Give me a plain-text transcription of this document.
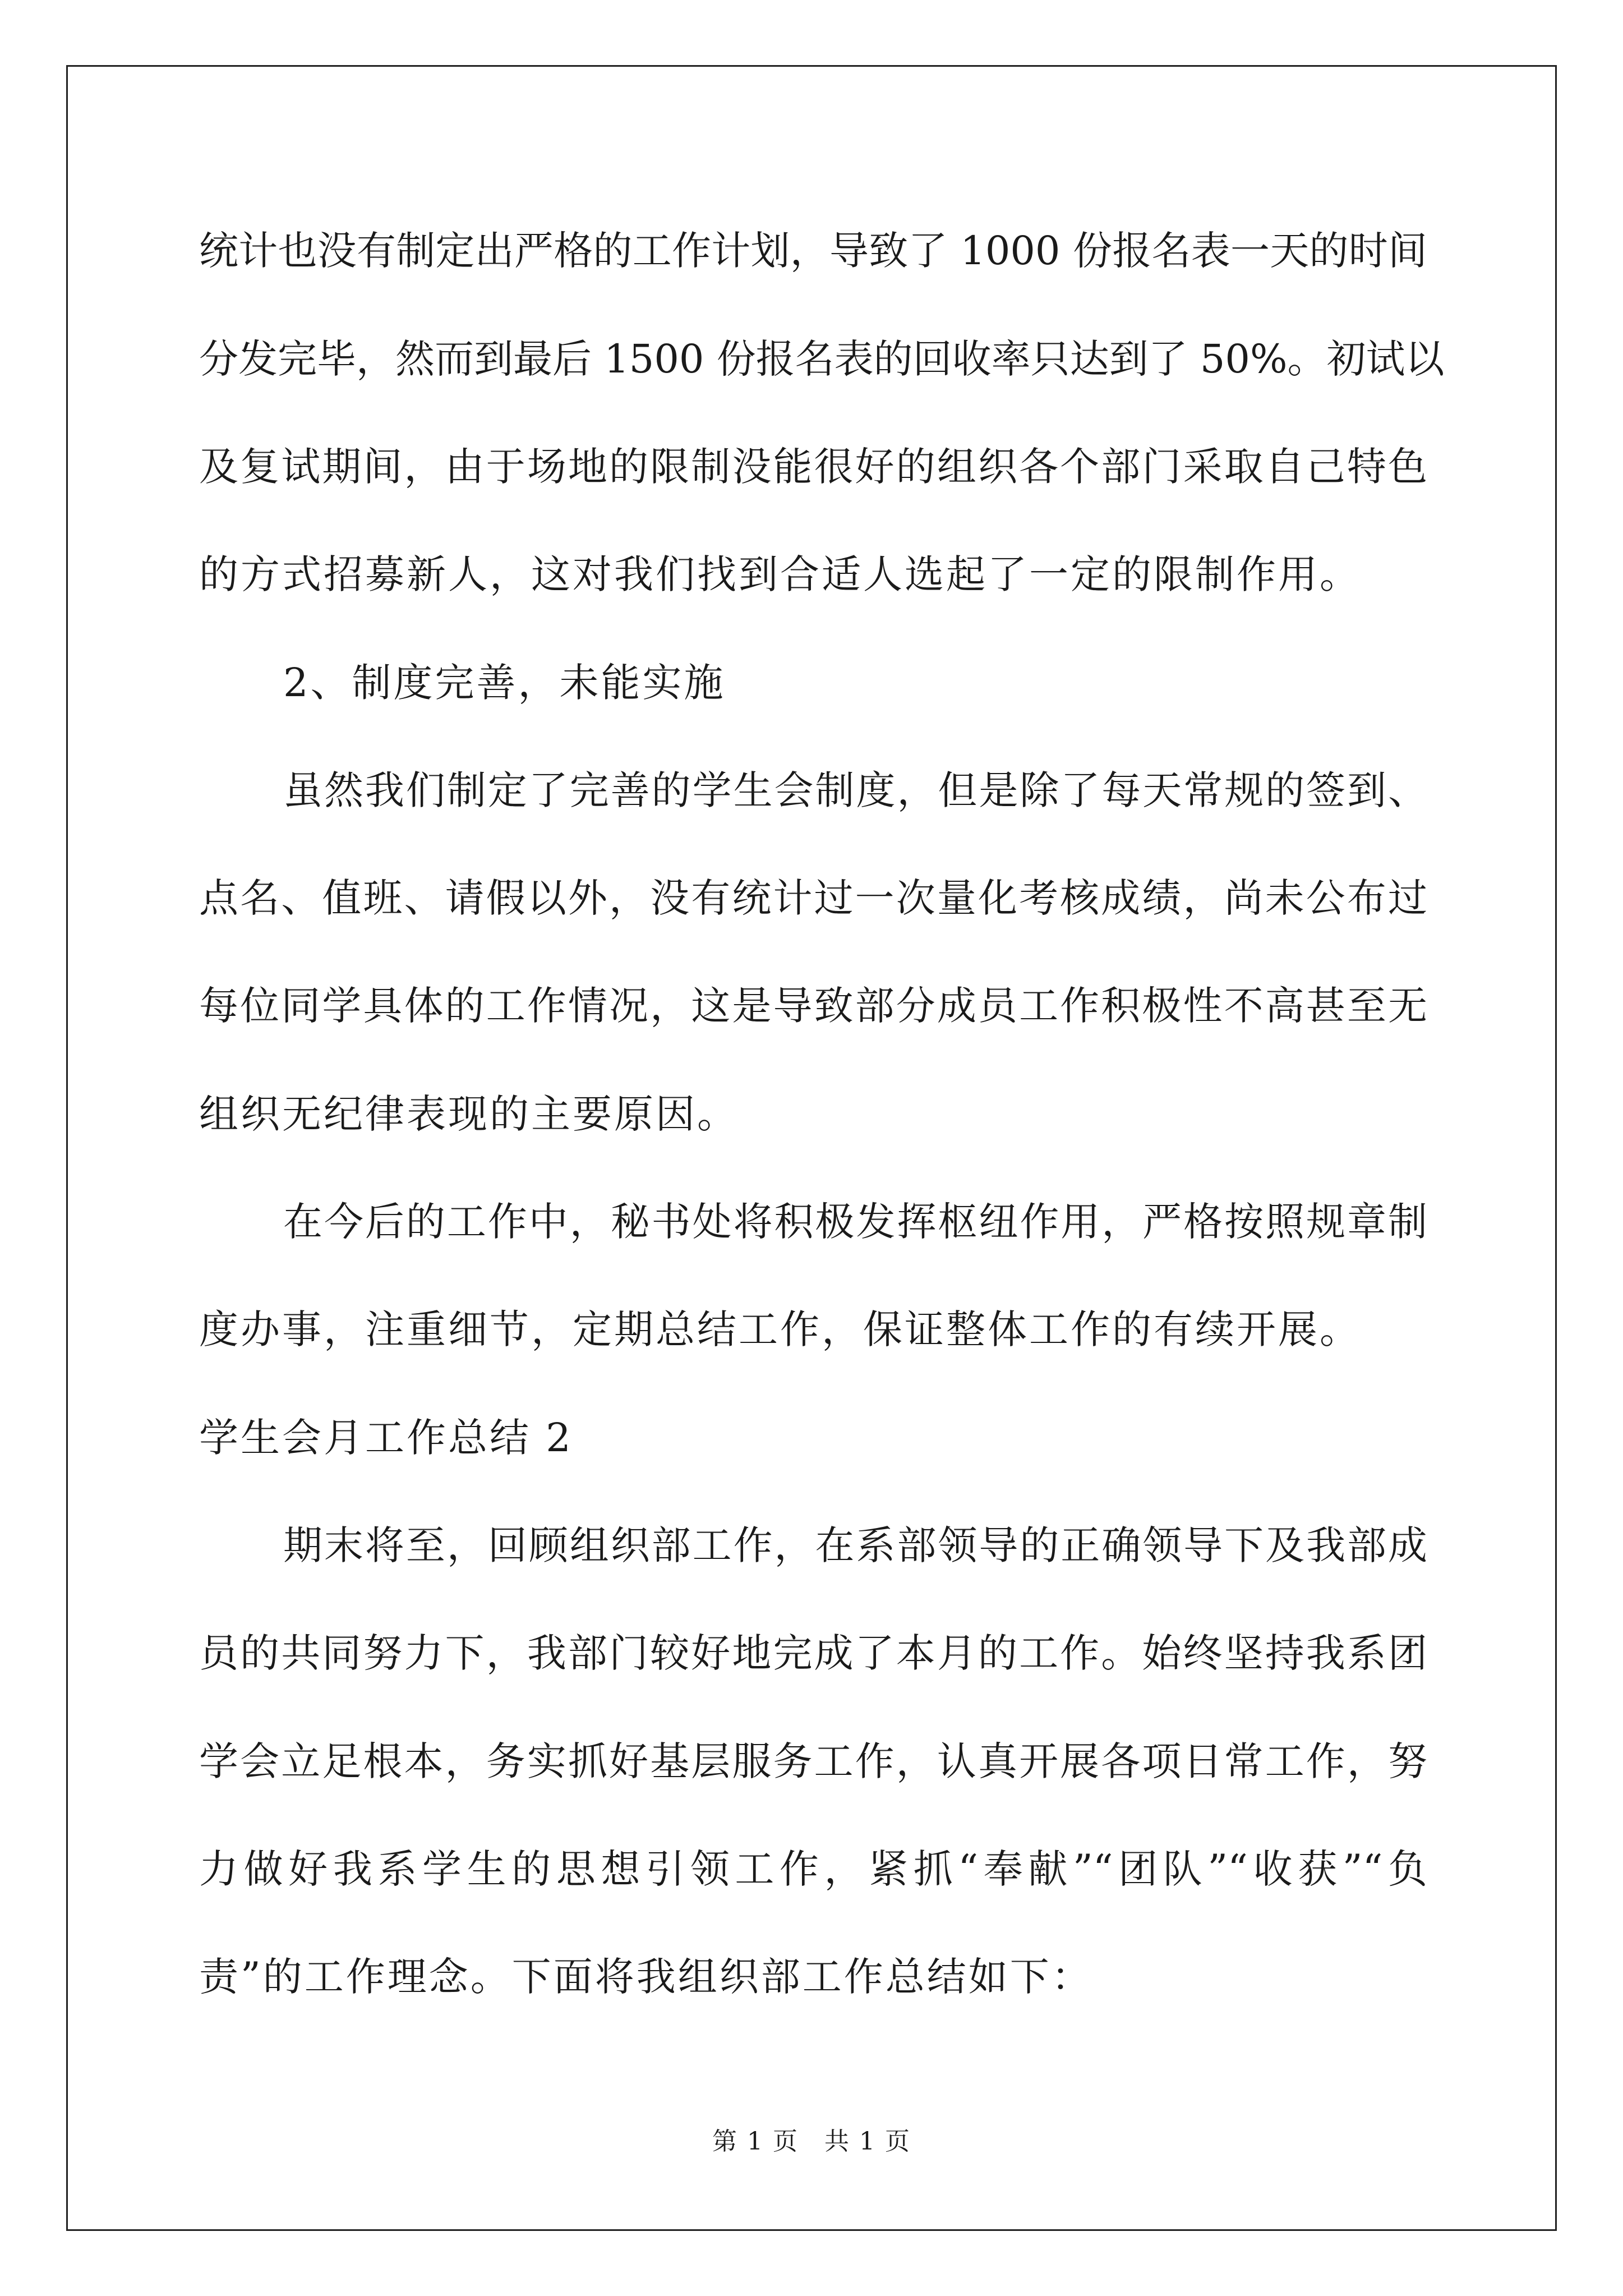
统计也没有制定出严格的工作计划，导致了 1000 份报名表一天的时间
分发完毕，然而到最后 1500 份报名表的回收率只达到了 50%。初试以
及复试期间，由于场地的限制没能很好的组织各个部门采取自己特色
的方式招募新人，这对我们找到合适人选起了一定的限制作用。
2、制度完善，未能实施
虽然我们制定了完善的学生会制度，但是除了每天常规的签到、
点名、值班、请假以外，没有统计过一次量化考核成绩，尚未公布过
每位同学具体的工作情况，这是导致部分成员工作积极性不高甚至无
组织无纪律表现的主要原因。
在今后的工作中，秘书处将积极发挥枢纽作用，严格按照规章制
度办事，注重细节，定期总结工作，保证整体工作的有续开展。
学生会月工作总结 2
期末将至，回顾组织部工作，在系部领导的正确领导下及我部成
员的共同努力下，我部门较好地完成了本月的工作。始终坚持我系团
学会立足根本，务实抓好基层服务工作，认真开展各项日常工作，努
力做好我系学生的思想引领工作，紧抓“奉献”“团队”“收获”“负
责”的工作理念。下面将我组织部工作总结如下：
第 1 页　共 1 页
